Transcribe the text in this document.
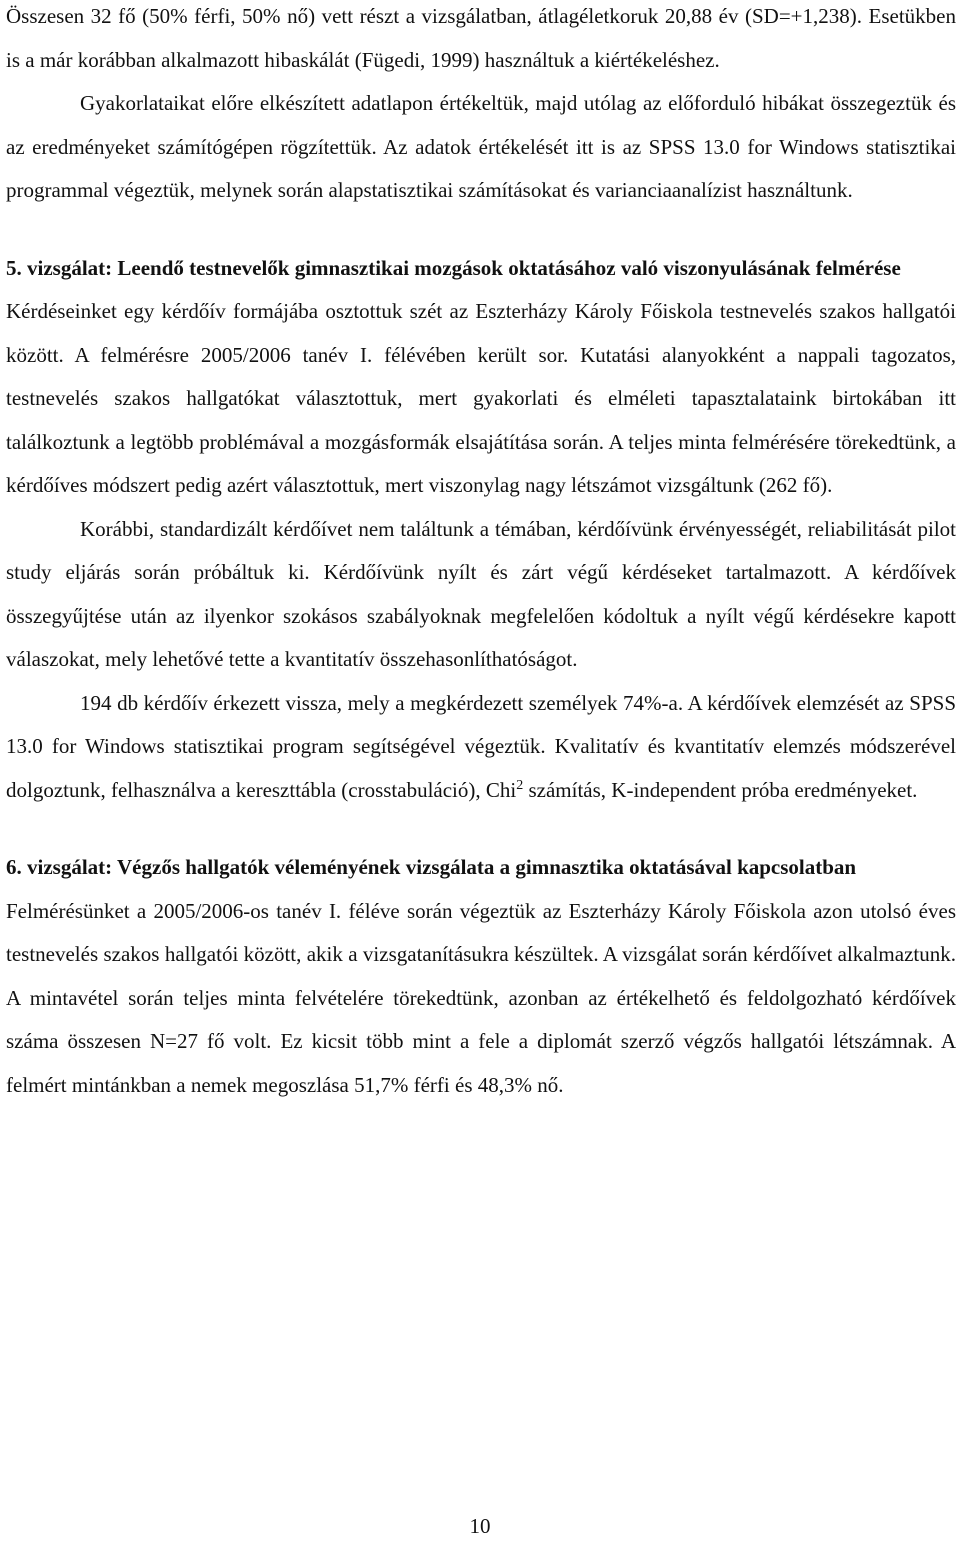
Összesen 32 fő (50% férfi, 50% nő) vett részt a vizsgálatban, átlagéletkoruk 20,88 év (SD=+1,238). Esetükben is a már korábban alkalmazott hibaskálát (Fügedi, 1999) használtuk a kiértékeléshez.

Gyakorlataikat előre elkészített adatlapon értékeltük, majd utólag az előforduló hibákat összegeztük és az eredményeket számítógépen rögzítettük. Az adatok értékelését itt is az SPSS 13.0 for Windows statisztikai programmal végeztük, melynek során alapstatisztikai számításokat és varianciaanalízist használtunk.

5. vizsgálat: Leendő testnevelők gimnasztikai mozgások oktatásához való viszonyulásának felmérése

Kérdéseinket egy kérdőív formájába osztottuk szét az Eszterházy Károly Főiskola testnevelés szakos hallgatói között. A felmérésre 2005/2006 tanév I. félévében került sor. Kutatási alanyokként a nappali tagozatos, testnevelés szakos hallgatókat választottuk, mert gyakorlati és elméleti tapasztalataink birtokában itt találkoztunk a legtöbb problémával a mozgásformák elsajátítása során. A teljes minta felmérésére törekedtünk, a kérdőíves módszert pedig azért választottuk, mert viszonylag nagy létszámot vizsgáltunk (262 fő).

Korábbi, standardizált kérdőívet nem találtunk a témában, kérdőívünk érvényességét, reliabilitását pilot study eljárás során próbáltuk ki. Kérdőívünk nyílt és zárt végű kérdéseket tartalmazott. A kérdőívek összegyűjtése után az ilyenkor szokásos szabályoknak megfelelően kódoltuk a nyílt végű kérdésekre kapott válaszokat, mely lehetővé tette a kvantitatív összehasonlíthatóságot.

194 db kérdőív érkezett vissza, mely a megkérdezett személyek 74%-a. A kérdőívek elemzését az SPSS 13.0 for Windows statisztikai program segítségével végeztük. Kvalitatív és kvantitatív elemzés módszerével dolgoztunk, felhasználva a kereszttábla (crosstabuláció), Chi$^2$ számítás, K-independent próba eredményeket.

6. vizsgálat: Végzős hallgatók véleményének vizsgálata a gimnasztika oktatásával kapcsolatban

Felmérésünket a 2005/2006-os tanév I. féléve során végeztük az Eszterházy Károly Főiskola azon utolsó éves testnevelés szakos hallgatói között, akik a vizsgatanításukra készültek. A vizsgálat során kérdőívet alkalmaztunk. A mintavétel során teljes minta felvételére törekedtünk, azonban az értékelhető és feldolgozható kérdőívek száma összesen N=27 fő volt. Ez kicsit több mint a fele a diplomát szerző végzős hallgatói létszámnak. A felmért mintánkban a nemek megoszlása 51,7% férfi és 48,3% nő.

10
